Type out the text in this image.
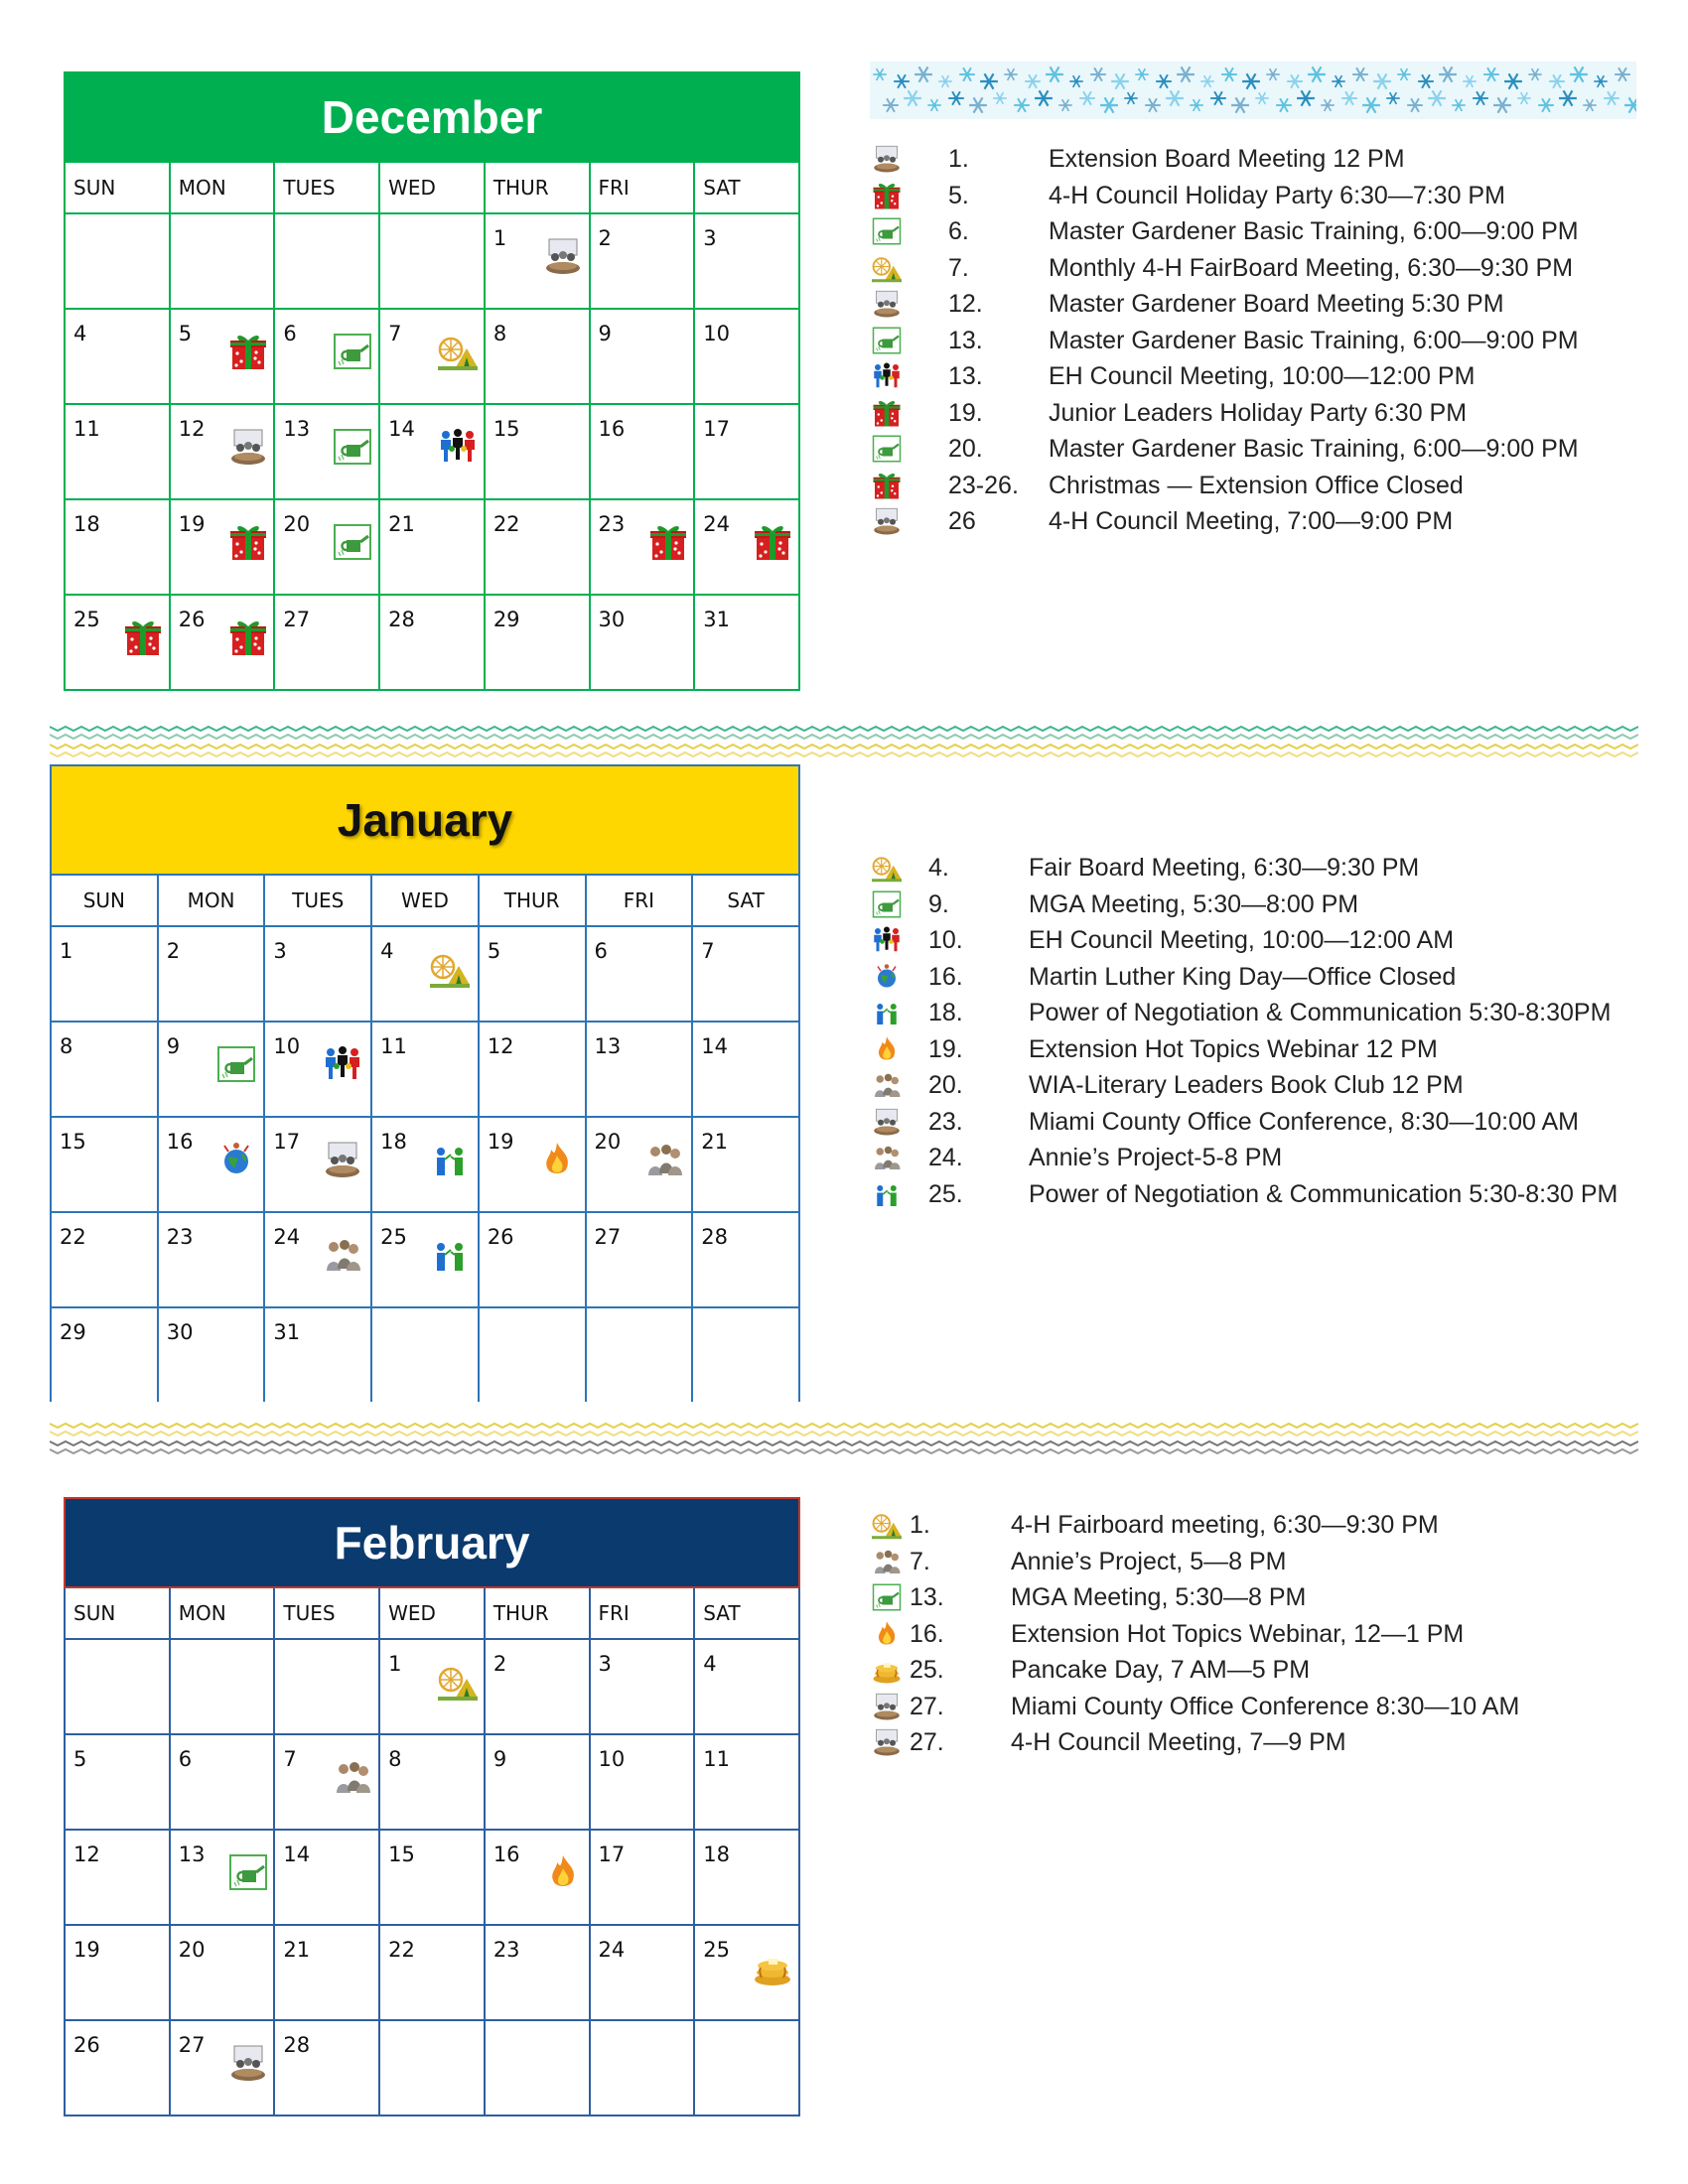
December						
SUN	MON	TUES	WED	THUR	FRI	SAT

				1	2	3

4	5	6	7	8	9	10

11	12	13	14	15	16	17

18	19	20	21	22	23	24

25	26	27	28	29	30	31
1.	Extension Board Meeting 12 PM
5.	4-H Council Holiday Party 6:30—7:30 PM
6.	Master Gardener Basic Training, 6:00—9:00 PM
7.	Monthly 4-H FairBoard Meeting, 6:30—9:30 PM
12.	Master Gardener Board Meeting 5:30 PM
13.	Master Gardener Basic Training, 6:00—9:00 PM
13.	EH Council Meeting, 10:00—12:00 PM
19.	Junior Leaders Holiday Party 6:30 PM
20.	Master Gardener Basic Training, 6:00—9:00 PM
23-26. Christmas — Extension Office Closed
26	4-H Council Meeting, 7:00—9:00 PM
January						
SUN	MON	TUES	WED	THUR	FRI	SAT

1	2	3	4	5	6	7

8	9	10	11	12	13	14

15	16	17	18	19	20	21

22	23	24	25	26	27	28

29	30	31				

4.	Fair Board Meeting, 6:30—9:30 PM
9.	MGA Meeting, 5:30—8:00 PM
10.	EH Council Meeting, 10:00—12:00 AM
16.	Martin Luther King Day—Office Closed
18.	Power of Negotiation & Communication 5:30-8:30PM
19.	Extension Hot Topics Webinar 12 PM
20.	WIA-Literary Leaders Book Club 12 PM
23.	Miami County Office Conference, 8:30—10:00 AM
24.	Annie’s Project-5-8 PM
25.	Power of Negotiation & Communication 5:30-8:30 PM
February						
SUN	MON	TUES	WED	THUR	FRI	SAT

			1	2	3	4

5	6	7	8	9	10	11

12	13	14	15	16	17	18

19	20	21	22	23	24	25

26	27	28				

1.	4-H Fairboard meeting, 6:30—9:30 PM
7.	Annie’s Project, 5—8 PM
13.	MGA Meeting, 5:30—8 PM
16.	Extension Hot Topics Webinar, 12—1 PM
25.	Pancake Day, 7 AM—5 PM
27.	Miami County Office Conference 8:30—10 AM
27.	4-H Council Meeting, 7—9 PM
